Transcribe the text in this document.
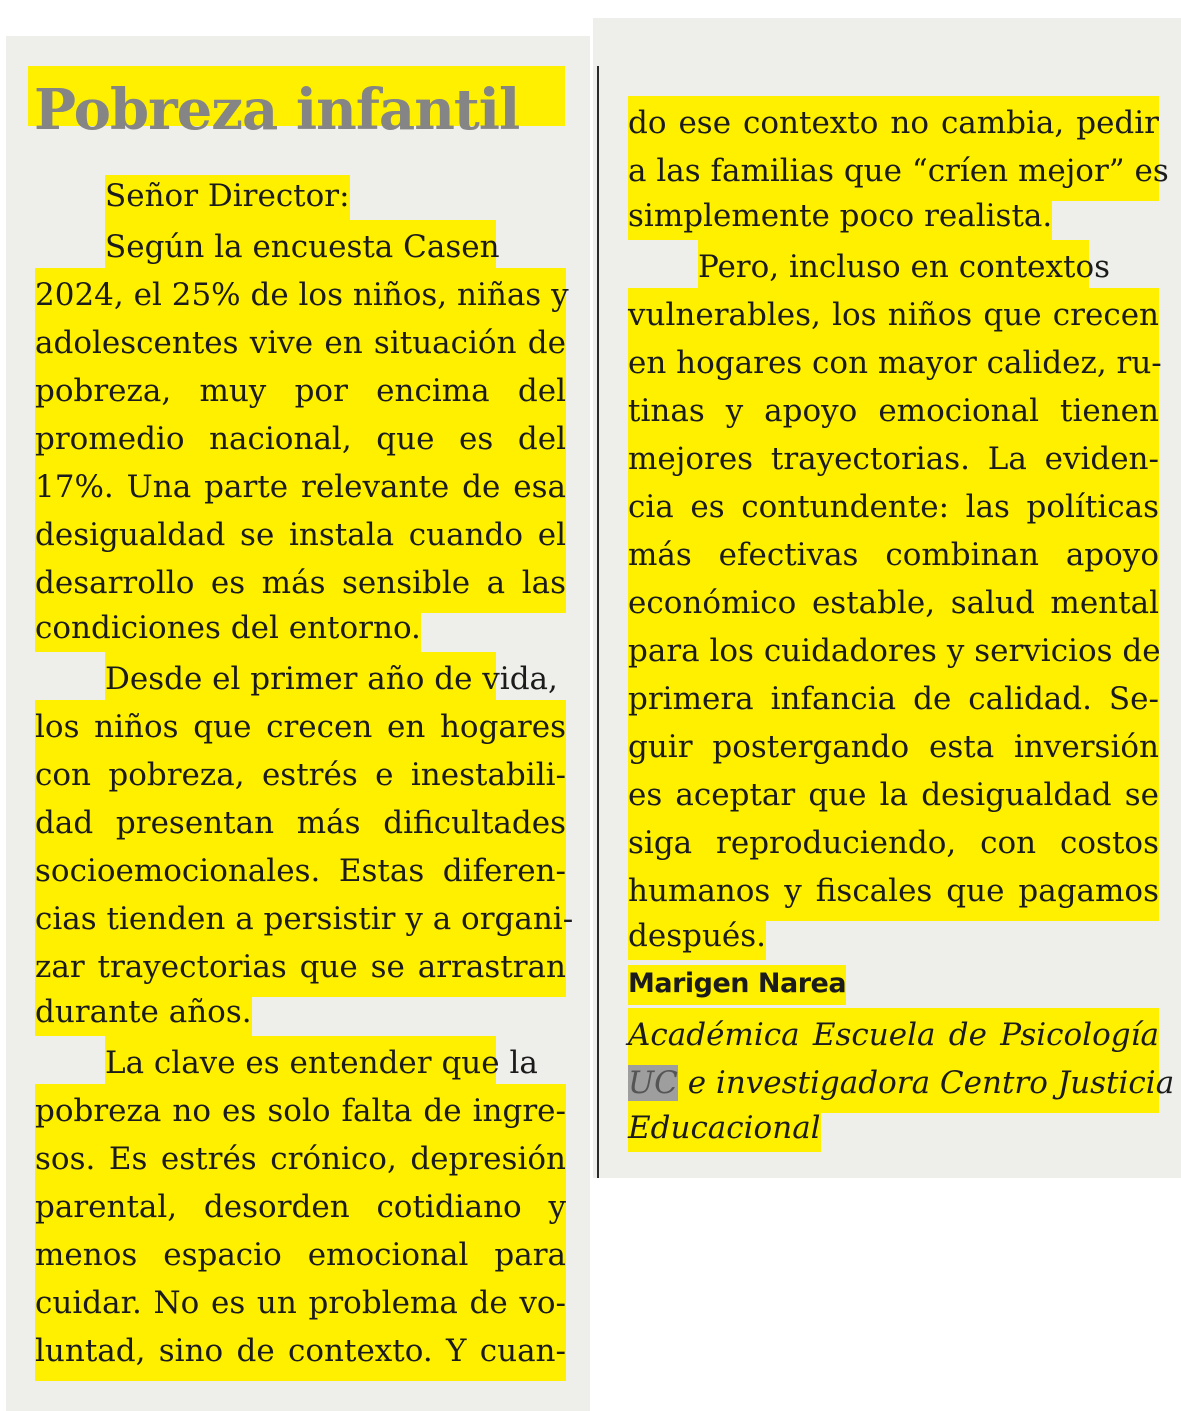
Pobreza infantil
Señor Director:
Según la encuesta Casen
2024, el 25% de los niños, niñas y
adolescentes vive en situación de
pobreza, muy por encima del
promedio nacional, que es del
17%. Una parte relevante de esa
desigualdad se instala cuando el
desarrollo es más sensible a las
condiciones del entorno.
Desde el primer año de vida,
los niños que crecen en hogares
con pobreza, estrés e inestabili-
dad presentan más dificultades
socioemocionales. Estas diferen-
cias tienden a persistir y a organi-
zar trayectorias que se arrastran
durante años.
La clave es entender que la
pobreza no es solo falta de ingre-
sos. Es estrés crónico, depresión
parental, desorden cotidiano y
menos espacio emocional para
cuidar. No es un problema de vo-
luntad, sino de contexto. Y cuan-
do ese contexto no cambia, pedir
a las familias que “críen mejor” es
simplemente poco realista.
Pero, incluso en contextos
vulnerables, los niños que crecen
en hogares con mayor calidez, ru-
tinas y apoyo emocional tienen
mejores trayectorias. La eviden-
cia es contundente: las políticas
más efectivas combinan apoyo
económico estable, salud mental
para los cuidadores y servicios de
primera infancia de calidad. Se-
guir postergando esta inversión
es aceptar que la desigualdad se
siga reproduciendo, con costos
humanos y fiscales que pagamos
después.
Marigen Narea
Académica Escuela de Psicología
UC e investigadora Centro Justicia
Educacional
